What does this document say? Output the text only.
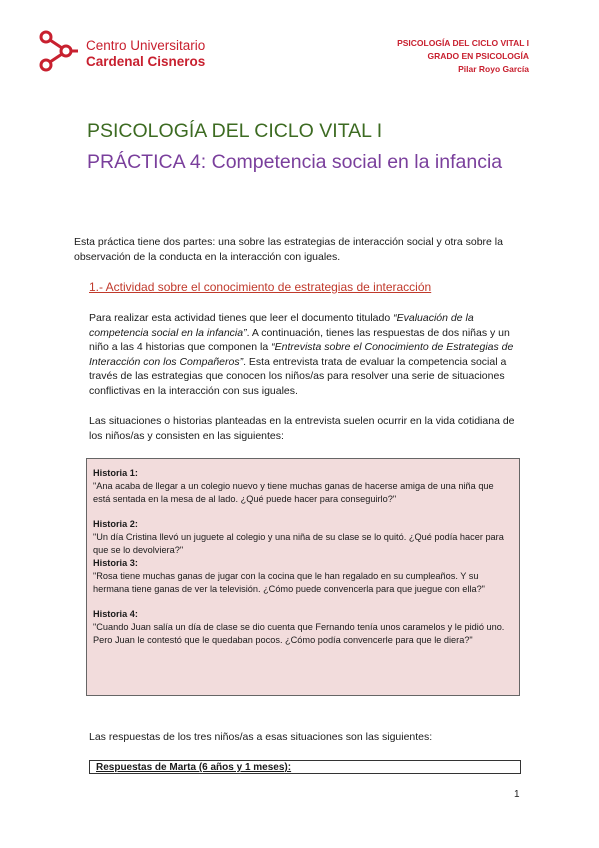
Centro Universitario
Cardenal Cisneros
PSICOLOGÍA DEL CICLO VITAL I
GRADO EN PSICOLOGÍA
Pilar Royo García
PSICOLOGÍA DEL CICLO VITAL I
PRÁCTICA 4: Competencia social en la infancia
Esta práctica tiene dos partes: una sobre las estrategias de interacción social y otra sobre la observación de la conducta en la interacción con iguales.
1.- Actividad sobre el conocimiento de estrategias de interacción
Para realizar esta actividad tienes que leer el documento titulado “Evaluación de la competencia social en la infancia”. A continuación, tienes las respuestas de dos niñas y un niño a las 4 historias que componen la “Entrevista sobre el Conocimiento de Estrategias de Interacción con los Compañeros”. Esta entrevista trata de evaluar la competencia social a través de las estrategias que conocen los niños/as para resolver una serie de situaciones conflictivas en la interacción con sus iguales.
Las situaciones o historias planteadas en la entrevista suelen ocurrir en la vida cotidiana de los niños/as y consisten en las siguientes:
Historia 1:
"Ana acaba de llegar a un colegio nuevo y tiene muchas ganas de hacerse amiga de una niña que está sentada en la mesa de al lado. ¿Qué puede hacer para conseguirlo?"
Historia 2:
"Un día Cristina llevó un juguete al colegio y una niña de su clase se lo quitó. ¿Qué podía hacer para que se lo devolviera?"
Historia 3:
"Rosa tiene muchas ganas de jugar con la cocina que le han regalado en su cumpleaños. Y su hermana tiene ganas de ver la televisión. ¿Cómo puede convencerla para que juegue con ella?"
Historia 4:
"Cuando Juan salía un día de clase se dio cuenta que Fernando tenía unos caramelos y le pidió uno. Pero Juan le contestó que le quedaban pocos. ¿Cómo podía convencerle para que le diera?"
Las respuestas de los tres niños/as a esas situaciones son las siguientes:
Respuestas de Marta (6 años y 1 meses):
1
